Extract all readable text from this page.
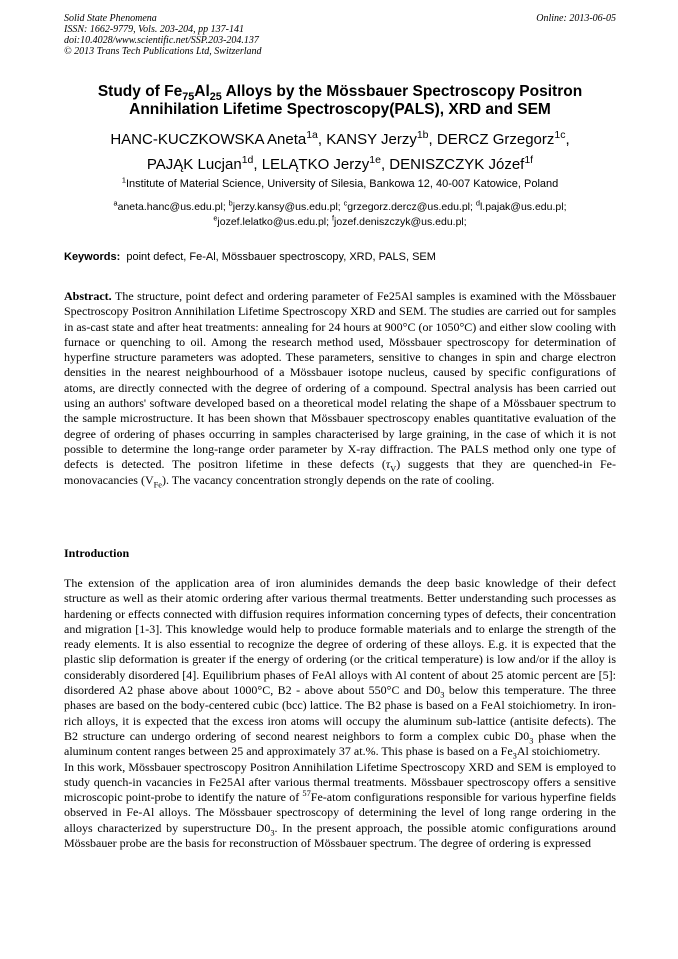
Solid State Phenomena
ISSN: 1662-9779, Vols. 203-204, pp 137-141
doi:10.4028/www.scientific.net/SSP.203-204.137
© 2013 Trans Tech Publications Ltd, Switzerland
Online: 2013-06-05
Study of $Fe_{75}Al_{25}$ Alloys by the Mössbauer Spectroscopy Positron Annihilation Lifetime Spectroscopy(PALS), XRD and SEM
HANC-KUCZKOWSKA Aneta$^{1a}$, KANSY Jerzy$^{1b}$, DERCZ Grzegorz$^{1c}$,
PAJĄK Lucjan$^{1d}$, LELĄTKO Jerzy$^{1e}$, DENISZCZYK Józef$^{1f}$
$^1$Institute of Material Science, University of Silesia, Bankowa 12, 40-007 Katowice, Poland
$^a$aneta.hanc@us.edu.pl; $^b$jerzy.kansy@us.edu.pl; $^c$grzegorz.dercz@us.edu.pl; $^d$l.pajak@us.edu.pl;
$^e$jozef.lelatko@us.edu.pl; $^f$jozef.deniszczyk@us.edu.pl;
Keywords: point defect, Fe-Al, Mössbauer spectroscopy, XRD, PALS, SEM

Abstract. The structure, point defect and ordering parameter of Fe25Al samples is examined with the Mössbauer Spectroscopy Positron Annihilation Lifetime Spectroscopy XRD and SEM. The studies are carried out for samples in as-cast state and after heat treatments: annealing for 24 hours at 900°C (or 1050°C) and either slow cooling with furnace or quenching to oil. Among the research method used, Mössbauer spectroscopy for determination of hyperfine structure parameters was adopted. These parameters, sensitive to changes in spin and charge electron densities in the nearest neighbourhood of a Mössbauer isotope nucleus, caused by specific configurations of atoms, are directly connected with the degree of ordering of a compound. Spectral analysis has been carried out using an authors' software developed based on a theoretical model relating the shape of a Mössbauer spectrum to the sample microstructure. It has been shown that Mössbauer spectroscopy enables quantitative evaluation of the degree of ordering of phases occurring in samples characterised by large graining, in the case of which it is not possible to determine the long-range order parameter by X-ray diffraction. The PALS method only one type of defects is detected. The positron lifetime in these defects $(\tau_V)$ suggests that they are quenched-in Fe-monovacancies $(V_{Fe})$. The vacancy concentration strongly depends on the rate of cooling.

Introduction

The extension of the application area of iron aluminides demands the deep basic knowledge of their defect structure as well as their atomic ordering after various thermal treatments. Better understanding such processes as hardening or effects connected with diffusion requires information concerning types of defects, their concentration and migration [1-3]. This knowledge would help to produce formable materials and to enlarge the strength of the ready elements. It is also essential to recognize the degree of ordering of these alloys. E.g. it is expected that the plastic slip deformation is greater if the energy of ordering (or the critical temperature) is low and/or if the alloy is considerably disordered [4]. Equilibrium phases of FeAl alloys with Al content of about 25 atomic percent are [5]: disordered A2 phase above about 1000°C, B2 - above about 550°C and $D0_3$ below this temperature. The three phases are based on the body-centered cubic (bcc) lattice. The B2 phase is based on a FeAl stoichiometry. In iron-rich alloys, it is expected that the excess iron atoms will occupy the aluminum sub-lattice (antisite defects). The B2 structure can undergo ordering of second nearest neighbors to form a complex cubic $D0_3$ phase when the aluminum content ranges between 25 and approximately 37 at.%. This phase is based on a $Fe_3Al$ stoichiometry.

In this work, Mössbauer spectroscopy Positron Annihilation Lifetime Spectroscopy XRD and SEM is employed to study quench-in vacancies in Fe25Al after various thermal treatments. Mössbauer spectroscopy offers a sensitive microscopic point-probe to identify the nature of $^{57}$Fe-atom configurations responsible for various hyperfine fields observed in Fe-Al alloys. The Mössbauer spectroscopy of determining the level of long range ordering in the alloys characterized by superstructure $D0_3$. In the present approach, the possible atomic configurations around Mössbauer probe are the basis for reconstruction of Mössbauer spectrum. The degree of ordering is expressed
